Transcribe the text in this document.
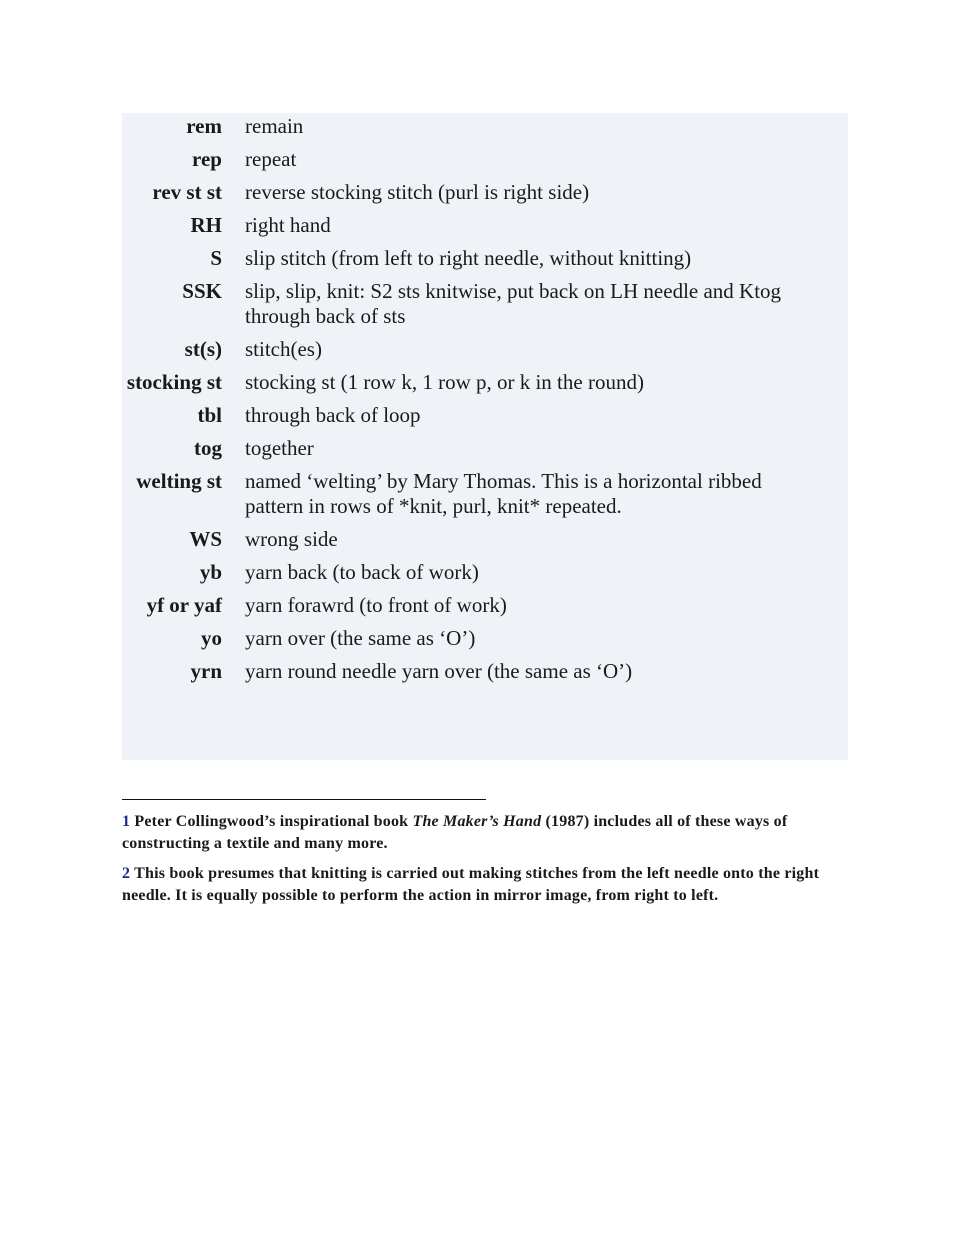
rem	remain
rep	repeat
rev st st	reverse stocking stitch (purl is right side)
RH	right hand
S	slip stitch (from left to right needle, without knitting)
SSK	slip, slip, knit: S2 sts knitwise, put back on LH needle and Ktog through back of sts
st(s)	stitch(es)
stocking st	stocking st (1 row k, 1 row p, or k in the round)
tbl	through back of loop
tog	together
welting st	named ‘welting’ by Mary Thomas. This is a horizontal ribbed pattern in rows of *knit, purl, knit* repeated.
WS	wrong side
yb	yarn back (to back of work)
yf or yaf	yarn forawrd (to front of work)
yo	yarn over (the same as ‘O’)
yrn	yarn round needle yarn over (the same as ‘O’)

1 Peter Collingwood’s inspirational book The Maker’s Hand (1987) includes all of these ways of constructing a textile and many more.

2 This book presumes that knitting is carried out making stitches from the left needle onto the right needle. It is equally possible to perform the action in mirror image, from right to left.
